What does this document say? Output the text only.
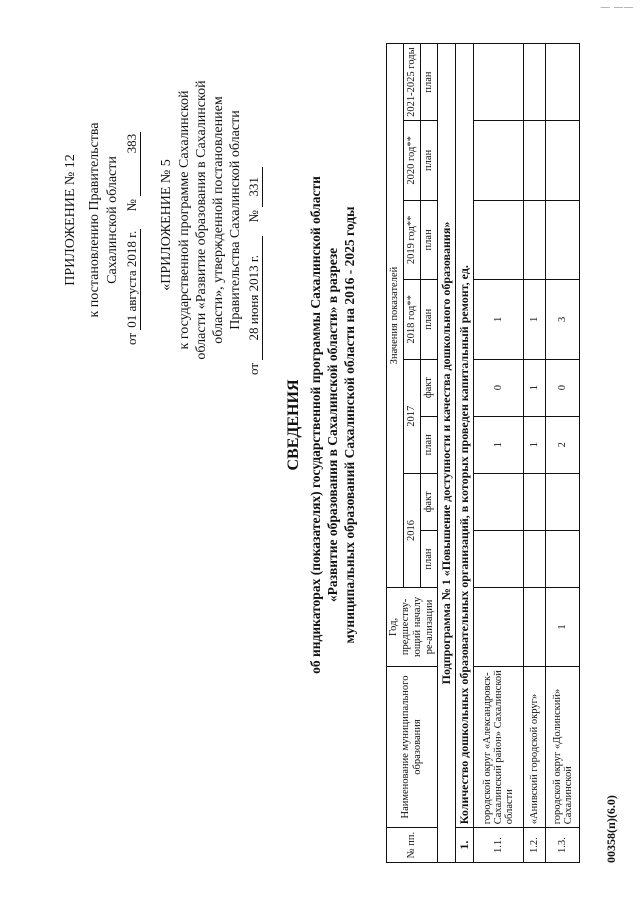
— ——
ПРИЛОЖЕНИЕ № 12 к постановлению Правительства Сахалинской области
от 01 августа 2018 г. № 383
«ПРИЛОЖЕНИЕ № 5 к государственной программе Сахалинской области «Развитие образования в Сахалинской области», утвержденной постановлением Правительства Сахалинской области
от 28 июня 2013 г. № 331
СВЕДЕНИЯ об индикаторах (показателях) государственной программы Сахалинской области «Развитие образования в Сахалинской области» в разрезе муниципальных образований Сахалинской области на 2016 - 2025 годы
№ пп.	Наименование муниципального образования	Год, предшеству-ющий началу ре-ализации	Значения показателей							
			2016		2017		2018 год**	2019 год**	2020 год**	2021-2025 годы
			план	факт	план	факт	план	план	план	план
Подпрограмма № 1 «Повышение доступности и качества дошкольного образования»										
1.	Количество дошкольных образовательных организаций, в которых проведен капитальный ремонт, ед.									
1.1.	городской округ «Александровск-Сахалинский район» Сахалинской области				1	0	1			
1.2.	«Анивский городской округ»				1	1	1			
1.3.	городской округ «Долинский» Сахалинской	1			2	0	3			
00358(п)(6.0)
